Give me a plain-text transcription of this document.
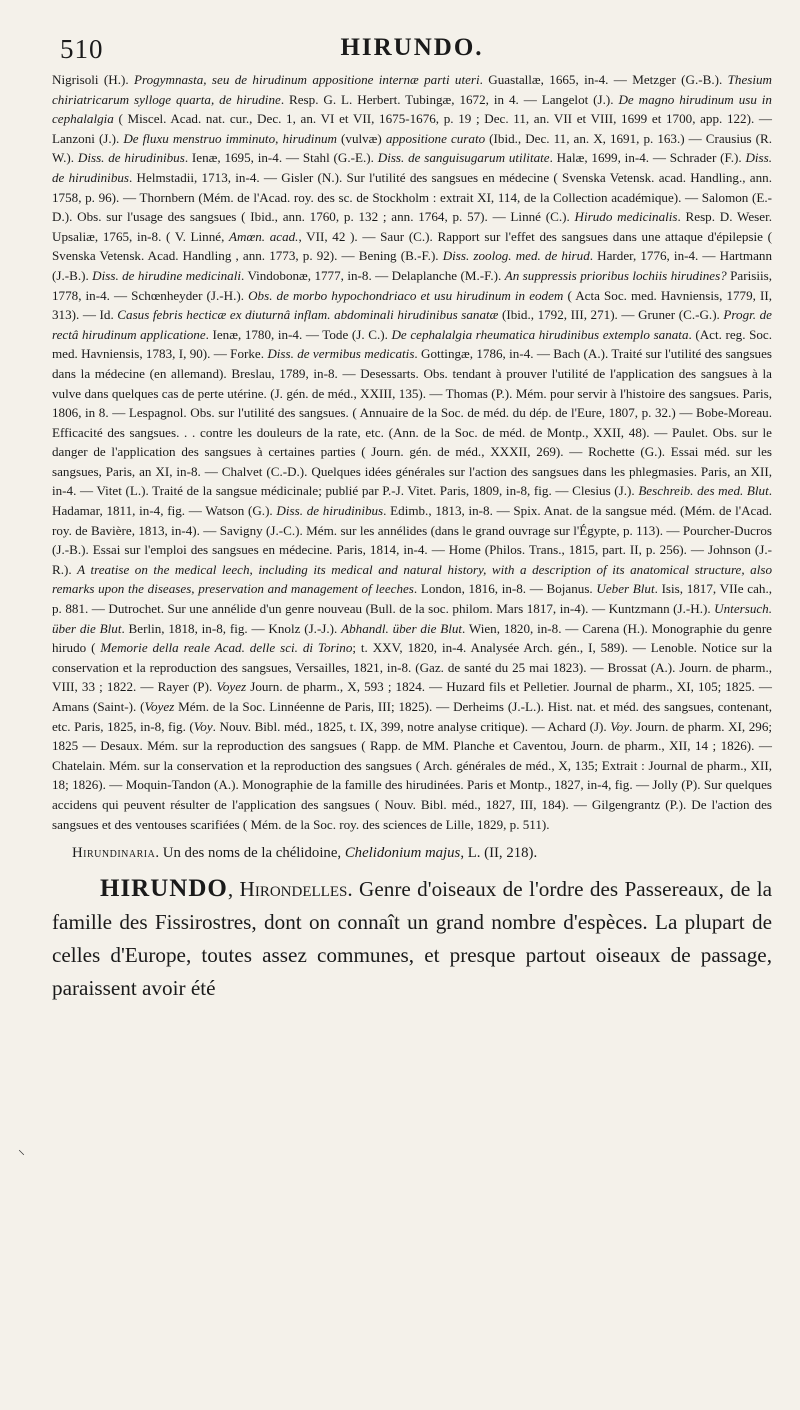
510	HIRUNDO.

Nigrisoli (H.). Progymnasta, seu de hirudinum appositione internæ parti uteri. Guastallæ, 1665, in-4. — Metzger (G.-B.). Thesium chiriatricarum sylloge quarta, de hirudine. Resp. G. L. Herbert. Tubingæ, 1672, in 4. — Langelot (J.). De magno hirudinum usu in cephalalgia ( Miscel. Acad. nat. cur., Dec. 1, an. VI et VII, 1675-1676, p. 19 ; Dec. 11, an. VII et VIII, 1699 et 1700, app. 122). — Lanzoni (J.). De fluxu menstruo imminuto, hirudinum (vulvæ) appositione curato (Ibid., Dec. 11, an. X, 1691, p. 163.) — Crausius (R. W.). Diss. de hirudinibus. Ienæ, 1695, in-4. — Stahl (G.-E.). Diss. de sanguisugarum utilitate. Halæ, 1699, in-4. — Schrader (F.). Diss. de hirudinibus. Helmstadii, 1713, in-4. — Gisler (N.). Sur l'utilité des sangsues en médecine ( Svenska Vetensk. acad. Handling., ann. 1758, p. 96). — Thornbern (Mém. de l'Acad. roy. des sc. de Stockholm : extrait XI, 114, de la Collection académique). — Salomon (E.-D.). Obs. sur l'usage des sangsues ( Ibid., ann. 1760, p. 132 ; ann. 1764, p. 57). — Linné (C.). Hirudo medicinalis. Resp. D. Weser. Upsaliæ, 1765, in-8. ( V. Linné, Amœn. acad., VII, 42 ). — Saur (C.). Rapport sur l'effet des sangsues dans une attaque d'épilepsie ( Svenska Vetensk. Acad. Handling , ann. 1773, p. 92). — Bening (B.-F.). Diss. zoolog. med. de hirud. Harder, 1776, in-4. — Hartmann (J.-B.). Diss. de hirudine medicinali. Vindobonæ, 1777, in-8. — Delaplanche (M.-F.). An suppressis prioribus lochiis hirudines? Parisiis, 1778, in-4. — Schœnheyder (J.-H.). Obs. de morbo hypochondriaco et usu hirudinum in eodem ( Acta Soc. med. Havniensis, 1779, II, 313). — Id. Casus febris hecticæ ex diuturnâ inflam. abdominali hirudinibus sanatæ (Ibid., 1792, III, 271). — Gruner (C.-G.). Progr. de rectâ hirudinum applicatione. Ienæ, 1780, in-4. — Tode (J. C.). De cephalalgia rheumatica hirudinibus extemplo sanata. (Act. reg. Soc. med. Havniensis, 1783, I, 90). — Forke. Diss. de vermibus medicatis. Gottingæ, 1786, in-4. — Bach (A.). Traité sur l'utilité des sangsues dans la médecine (en allemand). Breslau, 1789, in-8. — Desessarts. Obs. tendant à prouver l'utilité de l'application des sangsues à la vulve dans quelques cas de perte utérine. (J. gén. de méd., XXIII, 135). — Thomas (P.). Mém. pour servir à l'histoire des sangsues. Paris, 1806, in 8. — Lespagnol. Obs. sur l'utilité des sangsues. ( Annuaire de la Soc. de méd. du dép. de l'Eure, 1807, p. 32.) — Bobe-Moreau. Efficacité des sangsues. . . contre les douleurs de la rate, etc. (Ann. de la Soc. de méd. de Montp., XXII, 48). — Paulet. Obs. sur le danger de l'application des sangsues à certaines parties ( Journ. gén. de méd., XXXII, 269). — Rochette (G.). Essai méd. sur les sangsues, Paris, an XI, in-8. — Chalvet (C.-D.). Quelques idées générales sur l'action des sangsues dans les phlegmasies. Paris, an XII, in-4. — Vitet (L.). Traité de la sangsue médicinale; publié par P.-J. Vitet. Paris, 1809, in-8, fig. — Clesius (J.). Beschreib. des med. Blut. Hadamar, 1811, in-4, fig. — Watson (G.). Diss. de hirudinibus. Edimb., 1813, in-8. — Spix. Anat. de la sangsue méd. (Mém. de l'Acad. roy. de Bavière, 1813, in-4). — Savigny (J.-C.). Mém. sur les annélides (dans le grand ouvrage sur l'Égypte, p. 113). — Pourcher-Ducros (J.-B.). Essai sur l'emploi des sangsues en médecine. Paris, 1814, in-4. — Home (Philos. Trans., 1815, part. II, p. 256). — Johnson (J.-R.). A treatise on the medical leech, including its medical and natural history, with a description of its anatomical structure, also remarks upon the diseases, preservation and management of leeches. London, 1816, in-8. — Bojanus. Ueber Blut. Isis, 1817, VIIe cah., p. 881. — Dutrochet. Sur une annélide d'un genre nouveau (Bull. de la soc. philom. Mars 1817, in-4). — Kuntzmann (J.-H.). Untersuch. über die Blut. Berlin, 1818, in-8, fig. — Knolz (J.-J.). Abhandl. über die Blut. Wien, 1820, in-8. — Carena (H.). Monographie du genre hirudo ( Memorie della reale Acad. delle sci. di Torino; t. XXV, 1820, in-4. Analysée Arch. gén., I, 589). — Lenoble. Notice sur la conservation et la reproduction des sangsues, Versailles, 1821, in-8. (Gaz. de santé du 25 mai 1823). — Brossat (A.). Journ. de pharm., VIII, 33 ; 1822. — Rayer (P). Voyez Journ. de pharm., X, 593 ; 1824. — Huzard fils et Pelletier. Journal de pharm., XI, 105; 1825. — Amans (Saint-). (Voyez Mém. de la Soc. Linnéenne de Paris, III; 1825). — Derheims (J.-L.). Hist. nat. et méd. des sangsues, contenant, etc. Paris, 1825, in-8, fig. (Voy. Nouv. Bibl. méd., 1825, t. IX, 399, notre analyse critique). — Achard (J). Voy. Journ. de pharm. XI, 296; 1825 — Desaux. Mém. sur la reproduction des sangsues ( Rapp. de MM. Planche et Caventou, Journ. de pharm., XII, 14 ; 1826). — Chatelain. Mém. sur la conservation et la reproduction des sangsues ( Arch. générales de méd., X, 135; Extrait : Journal de pharm., XII, 18; 1826). — Moquin-Tandon (A.). Monographie de la famille des hirudinées. Paris et Montp., 1827, in-4, fig. — Jolly (P). Sur quelques accidens qui peuvent résulter de l'application des sangsues ( Nouv. Bibl. méd., 1827, III, 184). — Gilgengrantz (P.). De l'action des sangsues et des ventouses scarifiées ( Mém. de la Soc. roy. des sciences de Lille, 1829, p. 511).

Hirundinaria. Un des noms de la chélidoine, Chelidonium majus, L. (II, 218).

HIRUNDO, Hirondelles. Genre d'oiseaux de l'ordre des Passereaux, de la famille des Fissirostres, dont on connaît un grand nombre d'espèces. La plupart de celles d'Europe, toutes assez communes, et presque partout oiseaux de passage, paraissent avoir été

⸜
